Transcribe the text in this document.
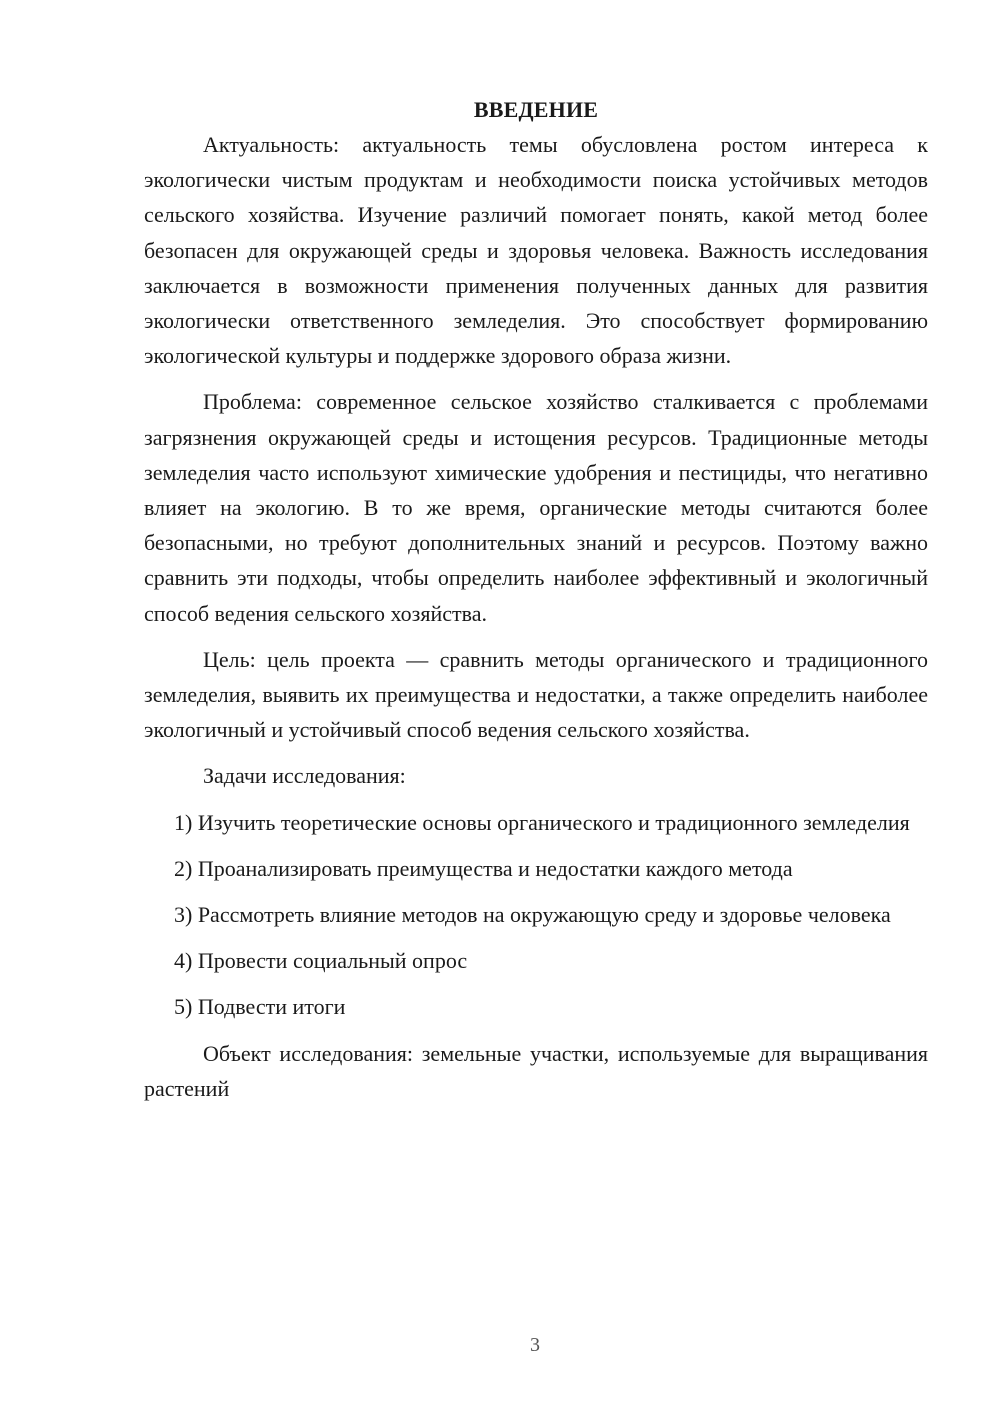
ВВЕДЕНИЕ

Актуальность: актуальность темы обусловлена ростом интереса к экологически чистым продуктам и необходимости поиска устойчивых методов сельского хозяйства. Изучение различий помогает понять, какой метод более безопасен для окружающей среды и здоровья человека. Важность исследования заключается в возможности применения полученных данных для развития экологически ответственного земледелия. Это способствует формированию экологической культуры и поддержке здорового образа жизни.

Проблема: современное сельское хозяйство сталкивается с проблемами загрязнения окружающей среды и истощения ресурсов. Традиционные методы земледелия часто используют химические удобрения и пестициды, что негативно влияет на экологию. В то же время, органические методы считаются более безопасными, но требуют дополнительных знаний и ресурсов. Поэтому важно сравнить эти подходы, чтобы определить наиболее эффективный и экологичный способ ведения сельского хозяйства.

Цель: цель проекта — сравнить методы органического и традиционного земледелия, выявить их преимущества и недостатки, а также определить наиболее экологичный и устойчивый способ ведения сельского хозяйства.

Задачи исследования:

1) Изучить теоретические основы органического и традиционного земледелия

2) Проанализировать преимущества и недостатки каждого метода

3) Рассмотреть влияние методов на окружающую среду и здоровье человека

4) Провести социальный опрос

5) Подвести итоги

Объект исследования: земельные участки, используемые для выращивания растений

3
